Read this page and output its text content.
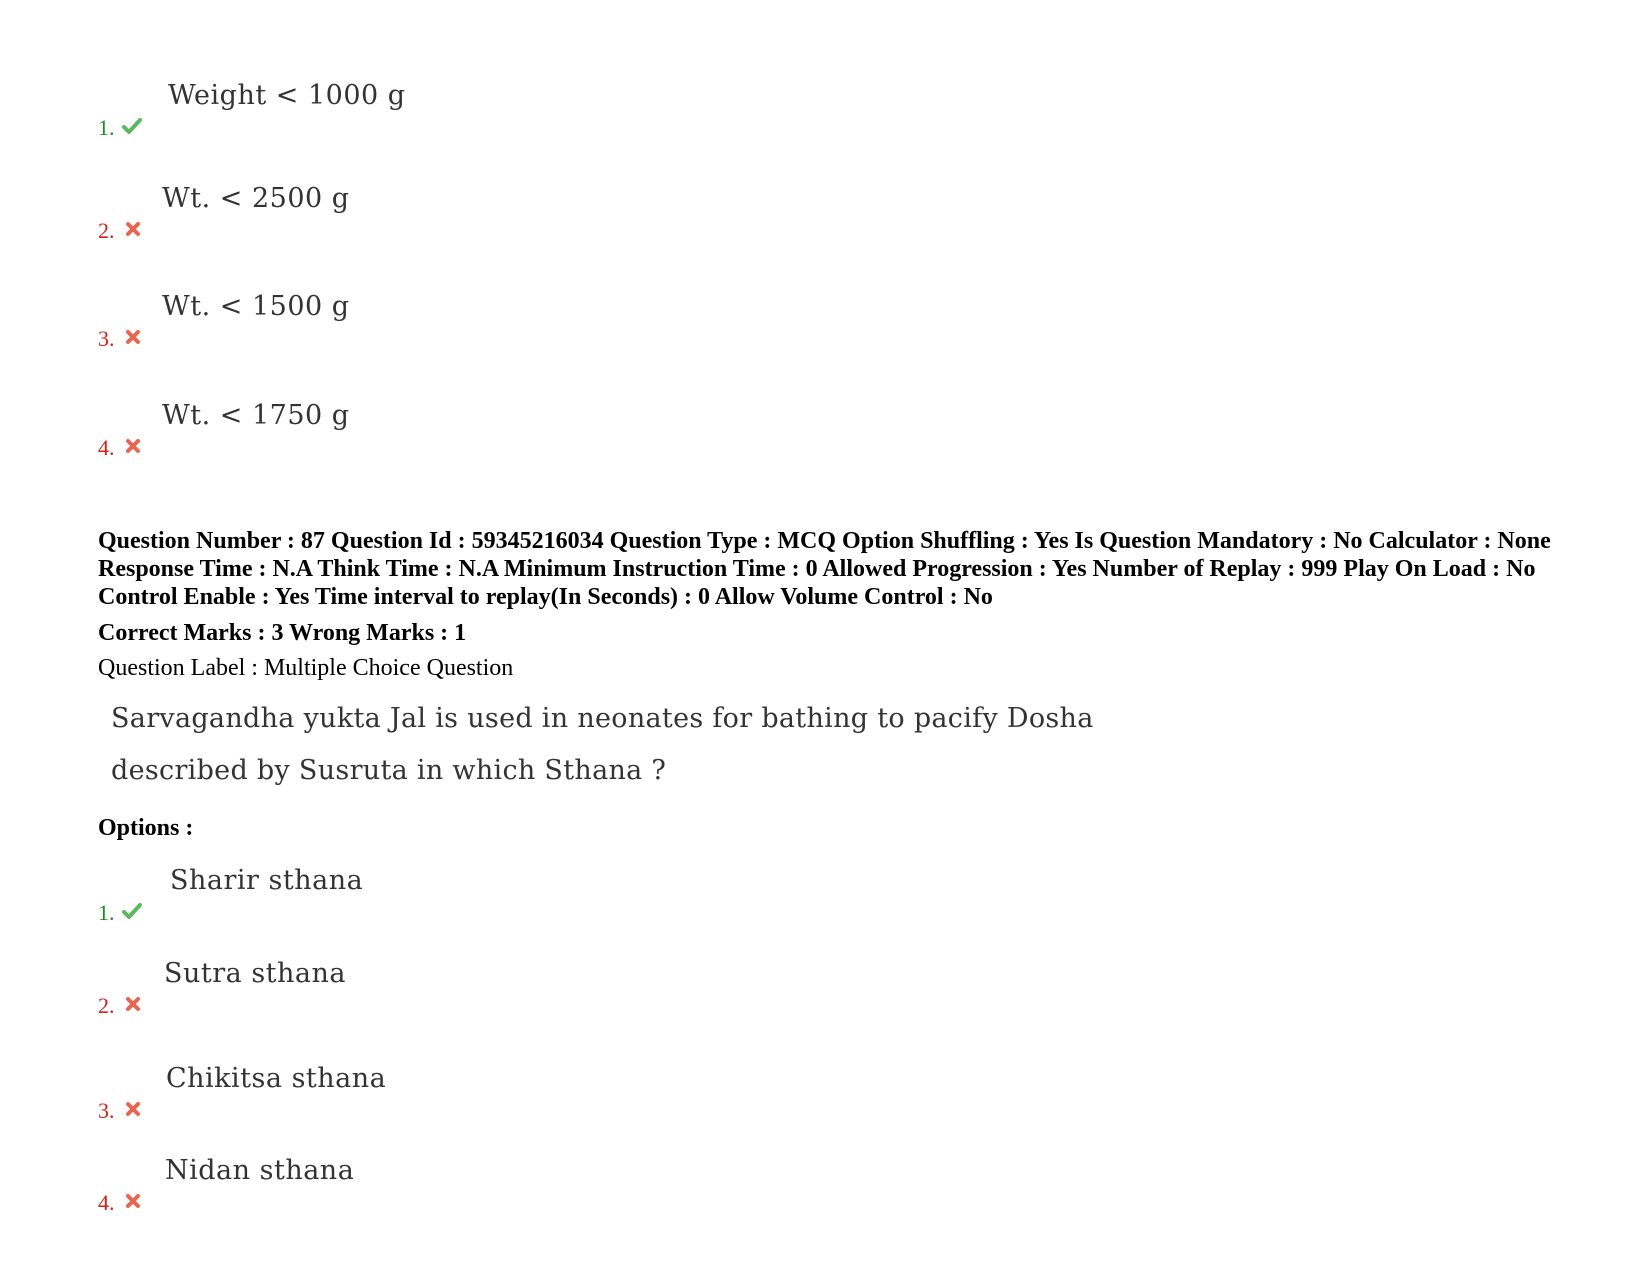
1.
Weight < 1000 g
2.
Wt. < 2500 g
3.
Wt. < 1500 g
4.
Wt. < 1750 g
Question Number : 87 Question Id : 59345216034 Question Type : MCQ Option Shuffling : Yes Is Question Mandatory : No Calculator : None Response Time : N.A Think Time : N.A Minimum Instruction Time : 0 Allowed Progression : Yes Number of Replay : 999 Play On Load : No Control Enable : Yes Time interval to replay(In Seconds) : 0 Allow Volume Control : No
Correct Marks : 3 Wrong Marks : 1
Question Label : Multiple Choice Question
Sarvagandha yukta Jal is used in neonates for bathing to pacify Dosha
described by Susruta in which Sthana ?
Options :
1.
Sharir sthana
2.
Sutra sthana
3.
Chikitsa sthana
4.
Nidan sthana
